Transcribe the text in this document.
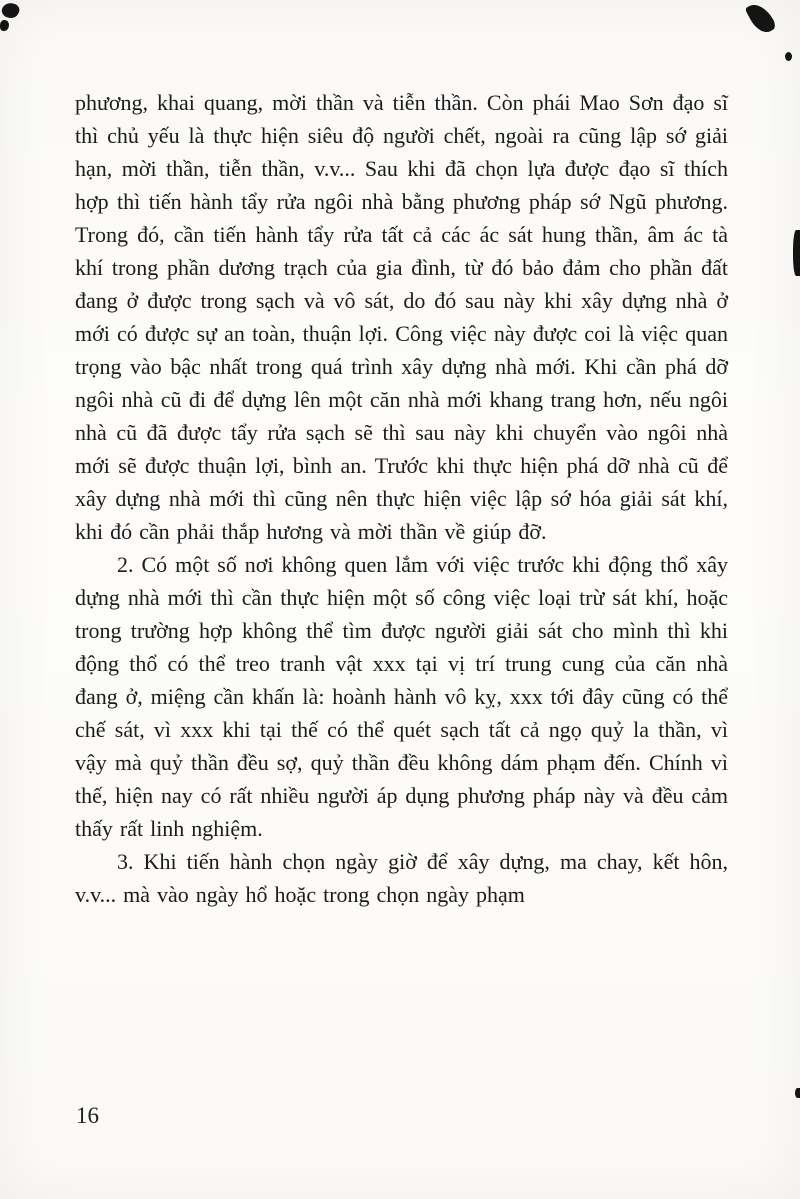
phương, khai quang, mời thần và tiễn thần. Còn phái Mao Sơn đạo sĩ thì chủ yếu là thực hiện siêu độ người chết, ngoài ra cũng lập sớ giải hạn, mời thần, tiễn thần, v.v... Sau khi đã chọn lựa được đạo sĩ thích hợp thì tiến hành tẩy rửa ngôi nhà bằng phương pháp sớ Ngũ phương. Trong đó, cần tiến hành tẩy rửa tất cả các ác sát hung thần, âm ác tà khí trong phần dương trạch của gia đình, từ đó bảo đảm cho phần đất đang ở được trong sạch và vô sát, do đó sau này khi xây dựng nhà ở mới có được sự an toàn, thuận lợi. Công việc này được coi là việc quan trọng vào bậc nhất trong quá trình xây dựng nhà mới. Khi cần phá dỡ ngôi nhà cũ đi để dựng lên một căn nhà mới khang trang hơn, nếu ngôi nhà cũ đã được tẩy rửa sạch sẽ thì sau này khi chuyển vào ngôi nhà mới sẽ được thuận lợi, bình an. Trước khi thực hiện phá dỡ nhà cũ để xây dựng nhà mới thì cũng nên thực hiện việc lập sớ hóa giải sát khí, khi đó cần phải thắp hương và mời thần về giúp đỡ.

2. Có một số nơi không quen lắm với việc trước khi động thổ xây dựng nhà mới thì cần thực hiện một số công việc loại trừ sát khí, hoặc trong trường hợp không thể tìm được người giải sát cho mình thì khi động thổ có thể treo tranh vật xxx tại vị trí trung cung của căn nhà đang ở, miệng cần khấn là: hoành hành vô kỵ, xxx tới đây cũng có thể chế sát, vì xxx khi tại thế có thể quét sạch tất cả ngọ quỷ la thần, vì vậy mà quỷ thần đều sợ, quỷ thần đều không dám phạm đến. Chính vì thế, hiện nay có rất nhiều người áp dụng phương pháp này và đều cảm thấy rất linh nghiệm.

3. Khi tiến hành chọn ngày giờ để xây dựng, ma chay, kết hôn, v.v... mà vào ngày hổ hoặc trong chọn ngày phạm

16
